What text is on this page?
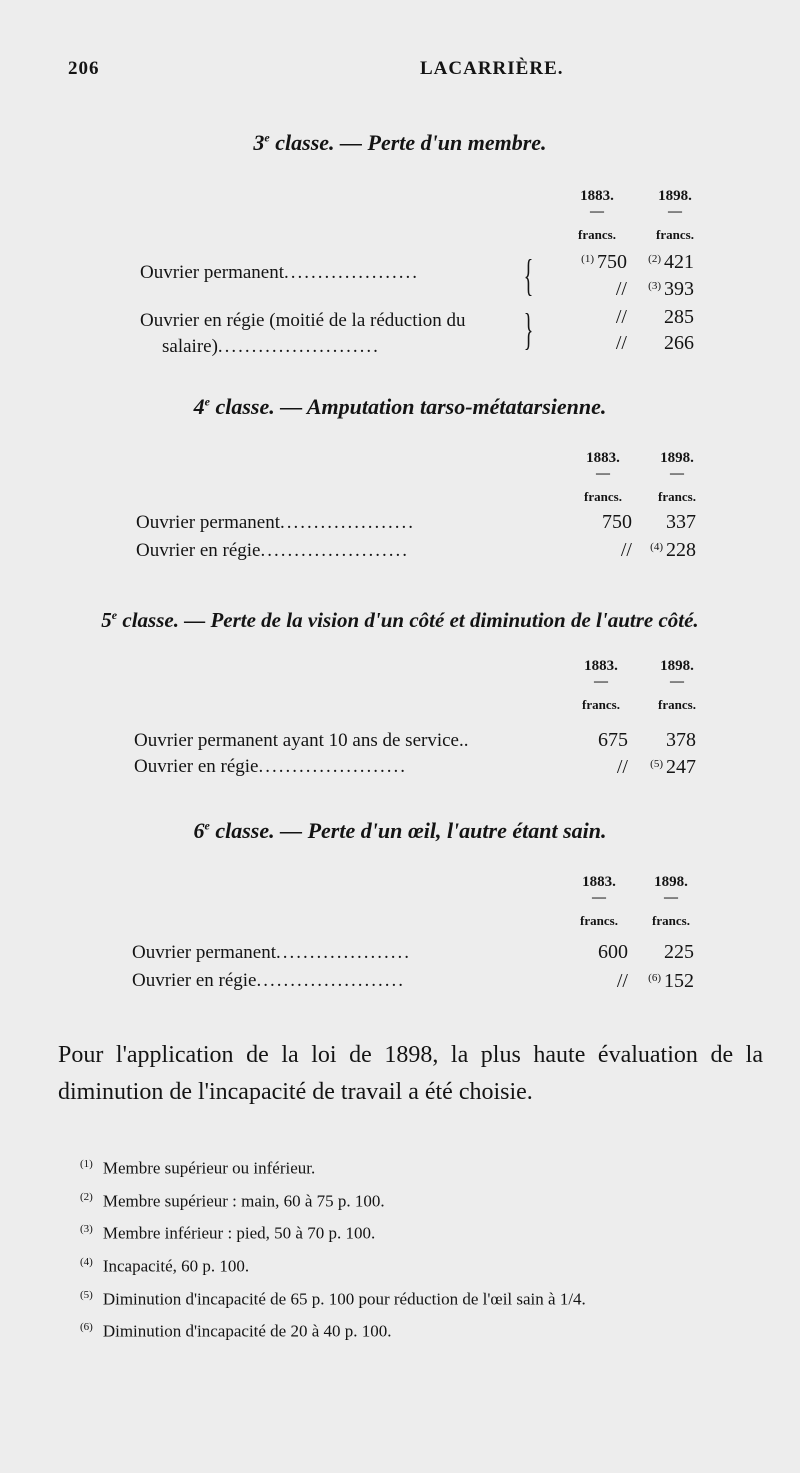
206	LACARRIÈRE.
3e classe. — Perte d'un membre.
1883.
—
francs.
1898.
—
francs.
Ouvrier permanent.................... {	$^{(1)}$ 750	$^{(2)}$ 421
//	$^{(3)}$ 393
Ouvrier en régie (moitié de la réduction du }	//	285
salaire)........................	//	266
4e classe. — Amputation tarso-métatarsienne.
1883.
—
francs.
1898.
—
francs.
Ouvrier permanent....................	750	337
Ouvrier en régie......................	//	$^{(4)}$ 228
5e classe. — Perte de la vision d'un côté et diminution de l'autre côté.
1883.
—
francs.
1898.
—
francs.
Ouvrier permanent ayant 10 ans de service..	675	378
Ouvrier en régie......................	//	$^{(5)}$ 247
6e classe. — Perte d'un œil, l'autre étant sain.
1883.
—
francs.
1898.
—
francs.
Ouvrier permanent....................	600	225
Ouvrier en régie......................	//	$^{(6)}$ 152
Pour l'application de la loi de 1898, la plus haute évaluation de la diminution de l'incapacité de travail a été choisie.
$^{(1)}$ Membre supérieur ou inférieur.
$^{(2)}$ Membre supérieur : main, 60 à 75 p. 100.
$^{(3)}$ Membre inférieur : pied, 50 à 70 p. 100.
$^{(4)}$ Incapacité, 60 p. 100.
$^{(5)}$ Diminution d'incapacité de 65 p. 100 pour réduction de l'œil sain à 1/4.
$^{(6)}$ Diminution d'incapacité de 20 à 40 p. 100.
